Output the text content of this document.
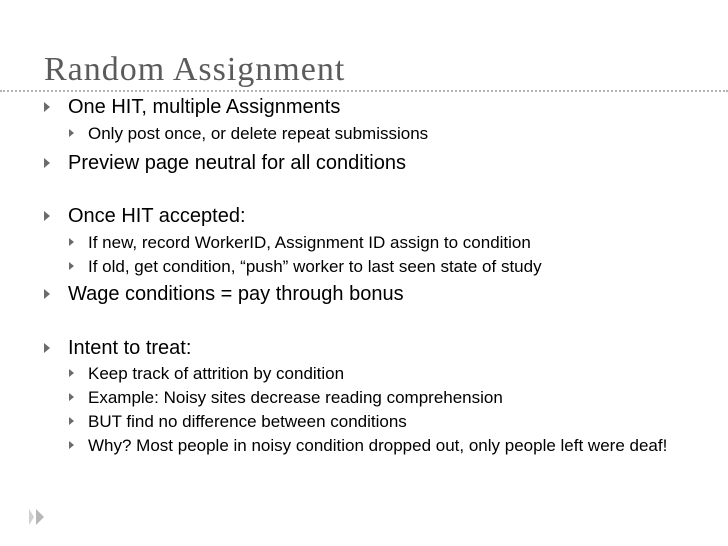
Random Assignment
One HIT, multiple Assignments
Only post once, or delete repeat submissions
Preview page neutral for all conditions
Once HIT accepted:
If new, record WorkerID, Assignment ID assign to condition
If old, get condition, “push” worker to last seen state of study
Wage conditions = pay through bonus
Intent to treat:
Keep track of attrition by condition
Example: Noisy sites decrease reading comprehension
BUT find no difference between conditions
Why? Most people in noisy condition dropped out, only people left were deaf!
